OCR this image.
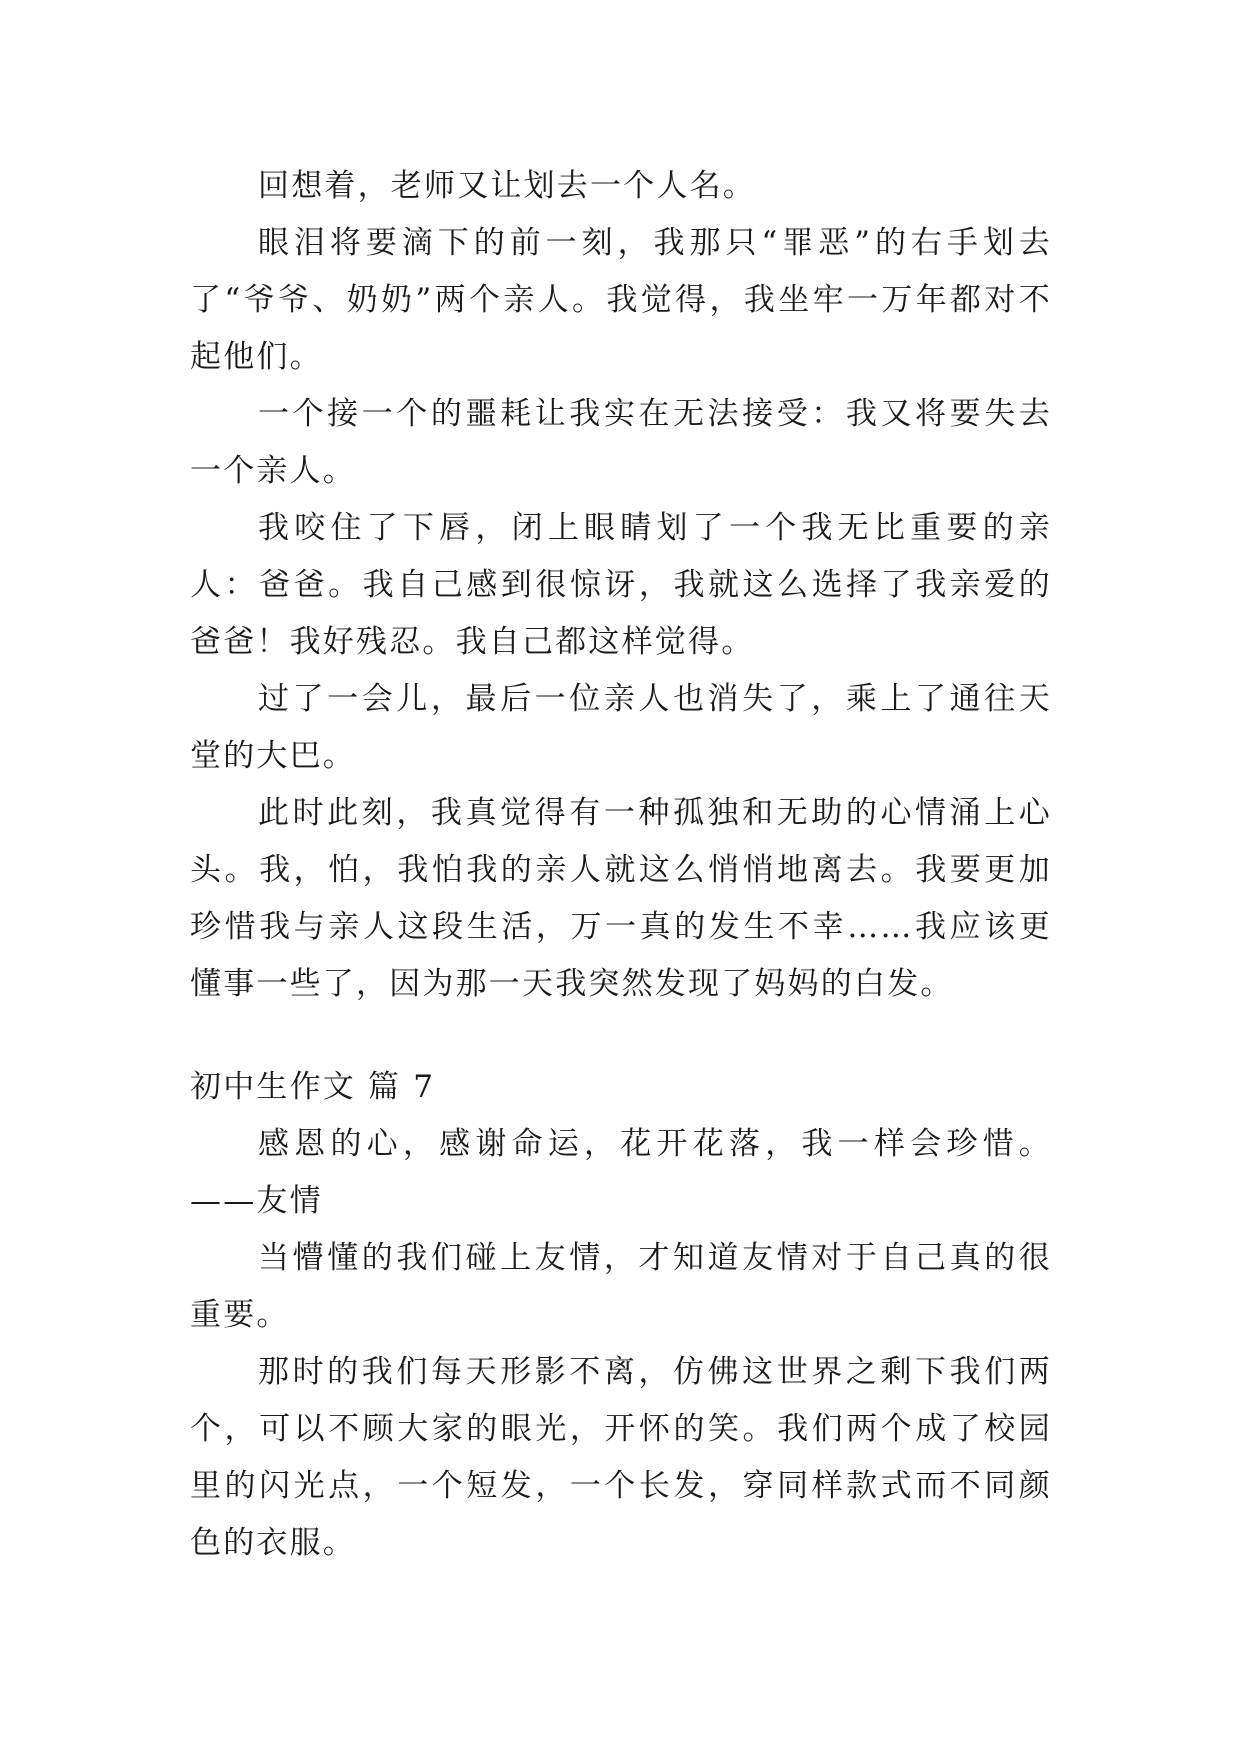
回想着，老师又让划去一个人名。

眼泪将要滴下的前一刻，我那只“罪恶”的右手划去了“爷爷、奶奶”两个亲人。我觉得，我坐牢一万年都对不起他们。

一个接一个的噩耗让我实在无法接受：我又将要失去一个亲人。

我咬住了下唇，闭上眼睛划了一个我无比重要的亲人：爸爸。我自己感到很惊讶，我就这么选择了我亲爱的爸爸！我好残忍。我自己都这样觉得。

过了一会儿，最后一位亲人也消失了，乘上了通往天堂的大巴。

此时此刻，我真觉得有一种孤独和无助的心情涌上心头。我，怕，我怕我的亲人就这么悄悄地离去。我要更加珍惜我与亲人这段生活，万一真的发生不幸……我应该更懂事一些了，因为那一天我突然发现了妈妈的白发。

初中生作文 篇 7

感恩的心，感谢命运，花开花落，我一样会珍惜。 ——友情

当懵懂的我们碰上友情，才知道友情对于自己真的很重要。

那时的我们每天形影不离，仿佛这世界之剩下我们两个，可以不顾大家的眼光，开怀的笑。我们两个成了校园里的闪光点，一个短发，一个长发，穿同样款式而不同颜色的衣服。
